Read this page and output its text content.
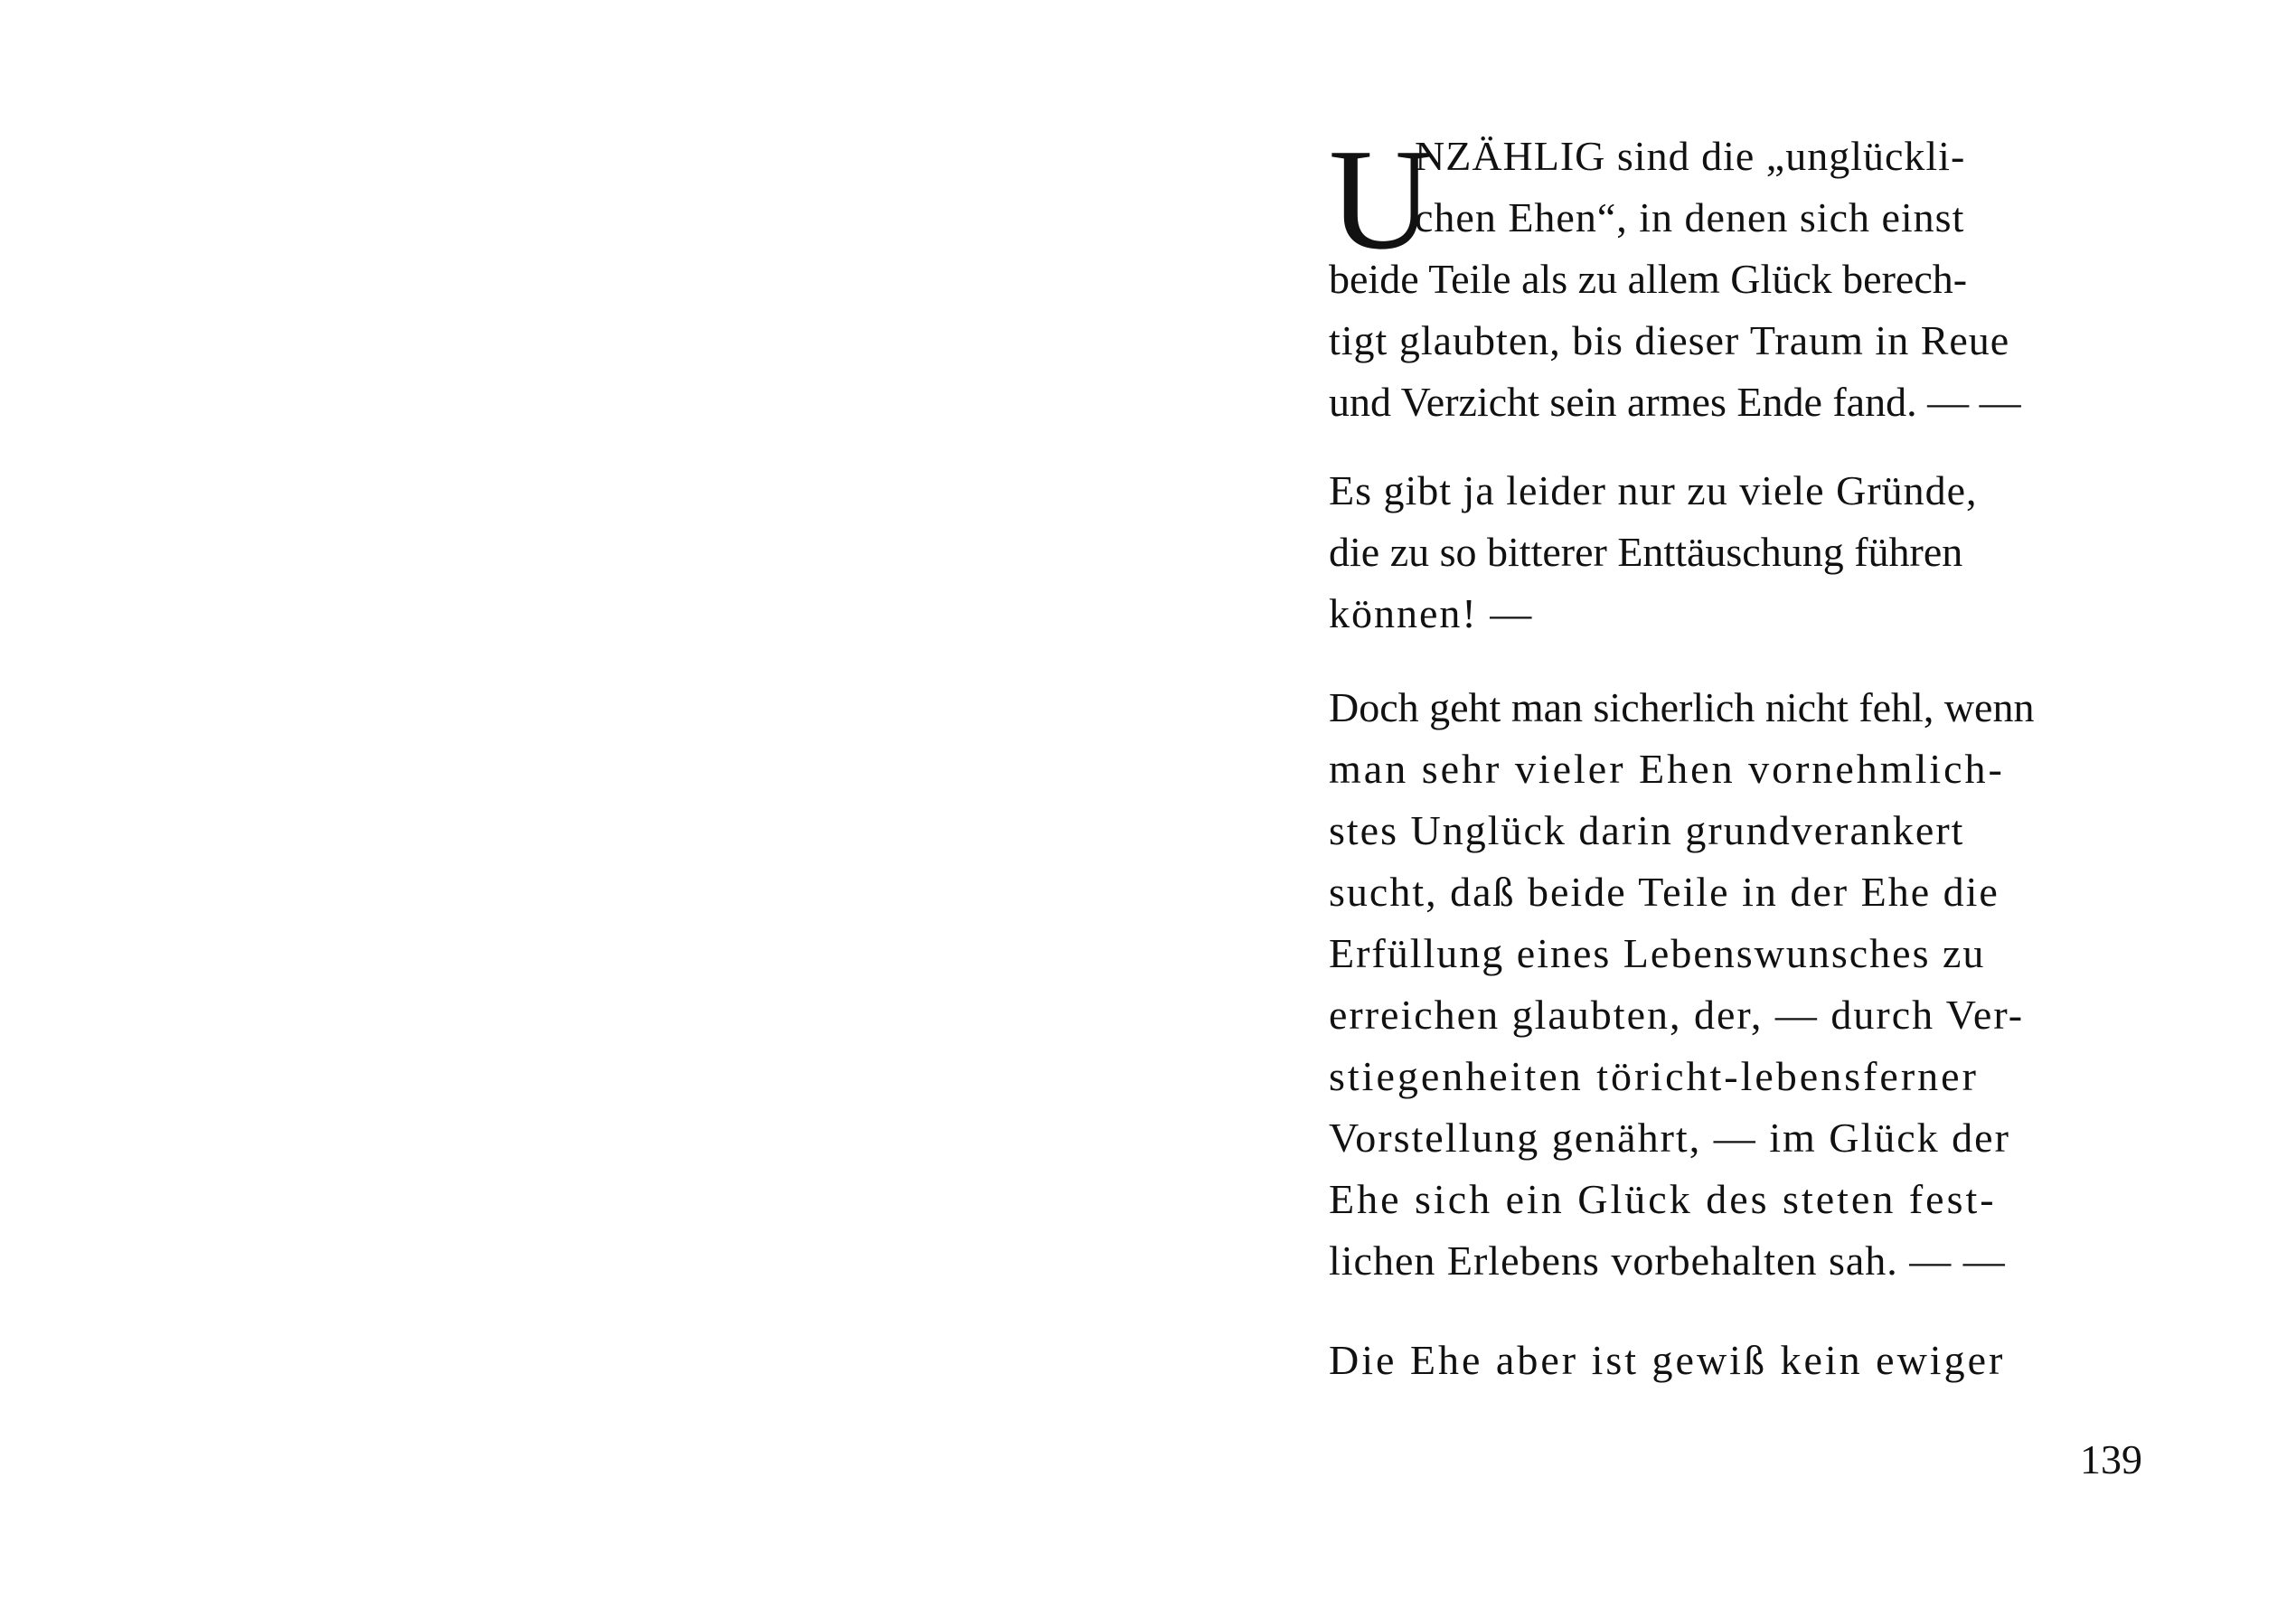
U
NZÄHLIG sind die „unglückli-
chen Ehen“, in denen sich einst
beide Teile als zu allem Glück berech-
tigt glaubten, bis dieser Traum in Reue
und Verzicht sein armes Ende fand. — —
Es gibt ja leider nur zu viele Gründe,
die zu so bitterer Enttäuschung führen
können! —
Doch geht man sicherlich nicht fehl, wenn
man sehr vieler Ehen vornehmlich-
stes Unglück darin grundverankert
sucht, daß beide Teile in der Ehe die
Erfüllung eines Lebenswunsches zu
erreichen glaubten, der, — durch Ver-
stiegenheiten töricht-lebensferner
Vorstellung genährt, — im Glück der
Ehe sich ein Glück des steten fest-
lichen Erlebens vorbehalten sah. — —
Die Ehe aber ist gewiß kein ewiger
139
